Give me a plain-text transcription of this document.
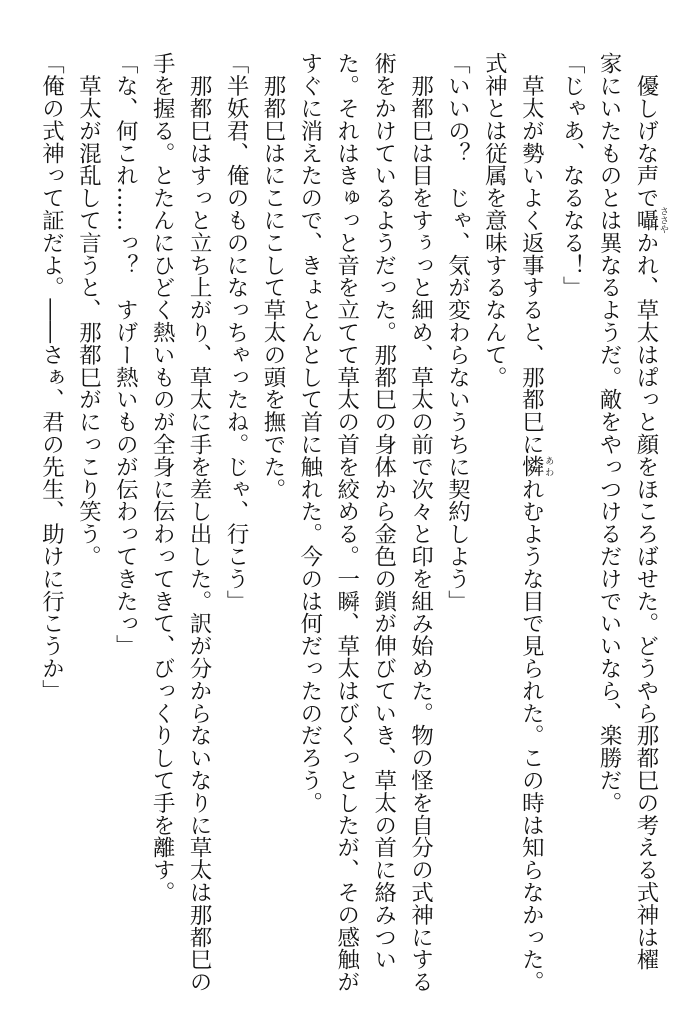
　優しげな声で囁 ささやかれ、草太はぱっと顔をほころばせた。どうやら那都巳の考える式神は櫂
家にいたものとは異なるようだ。敵をやっつけるだけでいいなら、楽勝だ。
「じゃあ、なるなる！」
　草太が勢いよく返事すると、那都巳に憐 あわれむような目で見られた。この時は知らなかった。
式神とは従属を意味するなんて。
「いいの？　じゃ、気が変わらないうちに契約しよう」
　那都巳は目をすぅっと細め、草太の前で次々と印を組み始めた。物の怪を自分の式神にする
術をかけているようだった。那都巳の身体から金色の鎖が伸びていき、草太の首に絡みつい
た。それはきゅっと音を立てて草太の首を絞める。一瞬、草太はびくっとしたが、その感触が
すぐに消えたので、きょとんとして首に触れた。今のは何だったのだろう。
　那都巳はにこにこして草太の頭を撫でた。
「半妖君、俺のものになっちゃったね。じゃ、行こう」
　那都巳はすっと立ち上がり、草太に手を差し出した。訳が分からないなりに草太は那都巳の
手を握る。とたんにひどく熱いものが全身に伝わってきて、びっくりして手を離す。
「な、何これ……っ？　すげー熱いものが伝わってきたっ」
　草太が混乱して言うと、那都巳がにっこり笑う。
「俺の式神って証だよ。――さぁ、君の先生、助けに行こうか」
